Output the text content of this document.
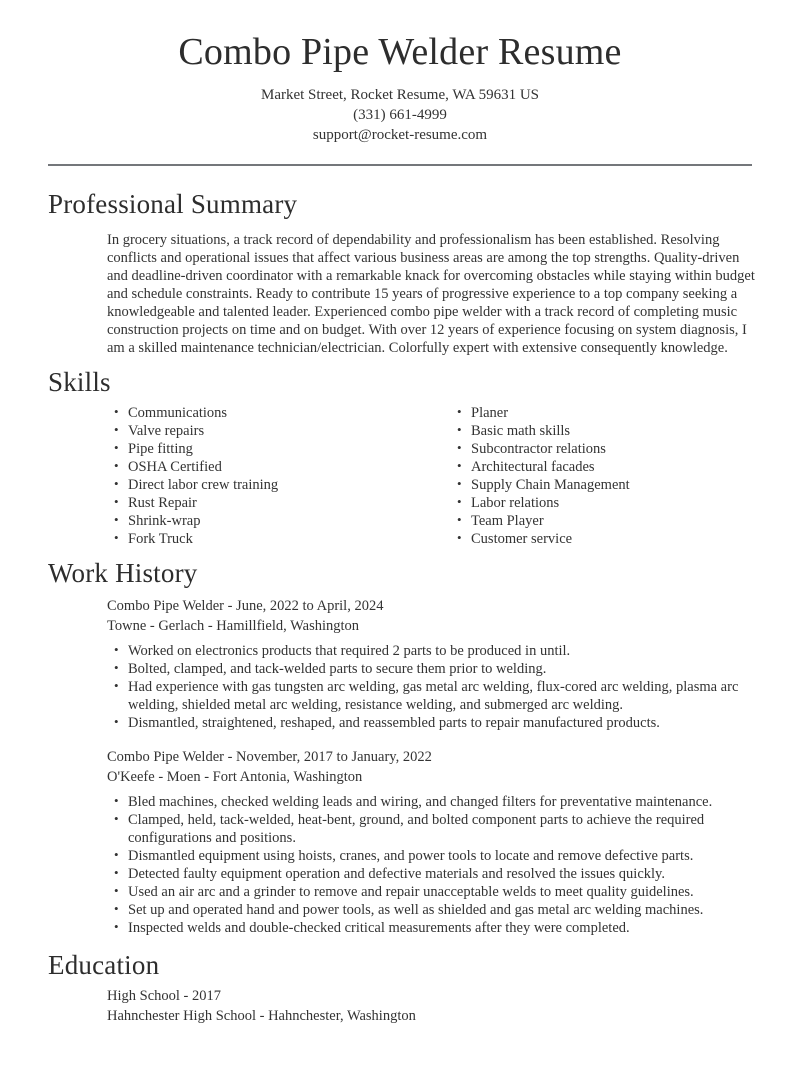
Combo Pipe Welder Resume
Market Street, Rocket Resume, WA 59631 US
(331) 661-4999
support@rocket-resume.com
Professional Summary

In grocery situations, a track record of dependability and professionalism has been established. Resolving conflicts and operational issues that affect various business areas are among the top strengths. Quality-driven and deadline-driven coordinator with a remarkable knack for overcoming obstacles while staying within budget and schedule constraints. Ready to contribute 15 years of progressive experience to a top company seeking a knowledgeable and talented leader. Experienced combo pipe welder with a track record of completing music construction projects on time and on budget. With over 12 years of experience focusing on system diagnosis, I am a skilled maintenance technician/electrician. Colorfully expert with extensive consequently knowledge.

Skills
• Communications
• Valve repairs
• Pipe fitting
• OSHA Certified
• Direct labor crew training
• Rust Repair
• Shrink-wrap
• Fork Truck
• Planer
• Basic math skills
• Subcontractor relations
• Architectural facades
• Supply Chain Management
• Labor relations
• Team Player
• Customer service
Work History
Combo Pipe Welder - June, 2022 to April, 2024
Towne - Gerlach - Hamillfield, Washington
• Worked on electronics products that required 2 parts to be produced in until.
• Bolted, clamped, and tack-welded parts to secure them prior to welding.
• Had experience with gas tungsten arc welding, gas metal arc welding, flux-cored arc welding, plasma arc welding, shielded metal arc welding, resistance welding, and submerged arc welding.
• Dismantled, straightened, reshaped, and reassembled parts to repair manufactured products.
Combo Pipe Welder - November, 2017 to January, 2022
O'Keefe - Moen - Fort Antonia, Washington
• Bled machines, checked welding leads and wiring, and changed filters for preventative maintenance.
• Clamped, held, tack-welded, heat-bent, ground, and bolted component parts to achieve the required configurations and positions.
• Dismantled equipment using hoists, cranes, and power tools to locate and remove defective parts.
• Detected faulty equipment operation and defective materials and resolved the issues quickly.
• Used an air arc and a grinder to remove and repair unacceptable welds to meet quality guidelines.
• Set up and operated hand and power tools, as well as shielded and gas metal arc welding machines.
• Inspected welds and double-checked critical measurements after they were completed.
Education
High School - 2017
Hahnchester High School - Hahnchester, Washington
